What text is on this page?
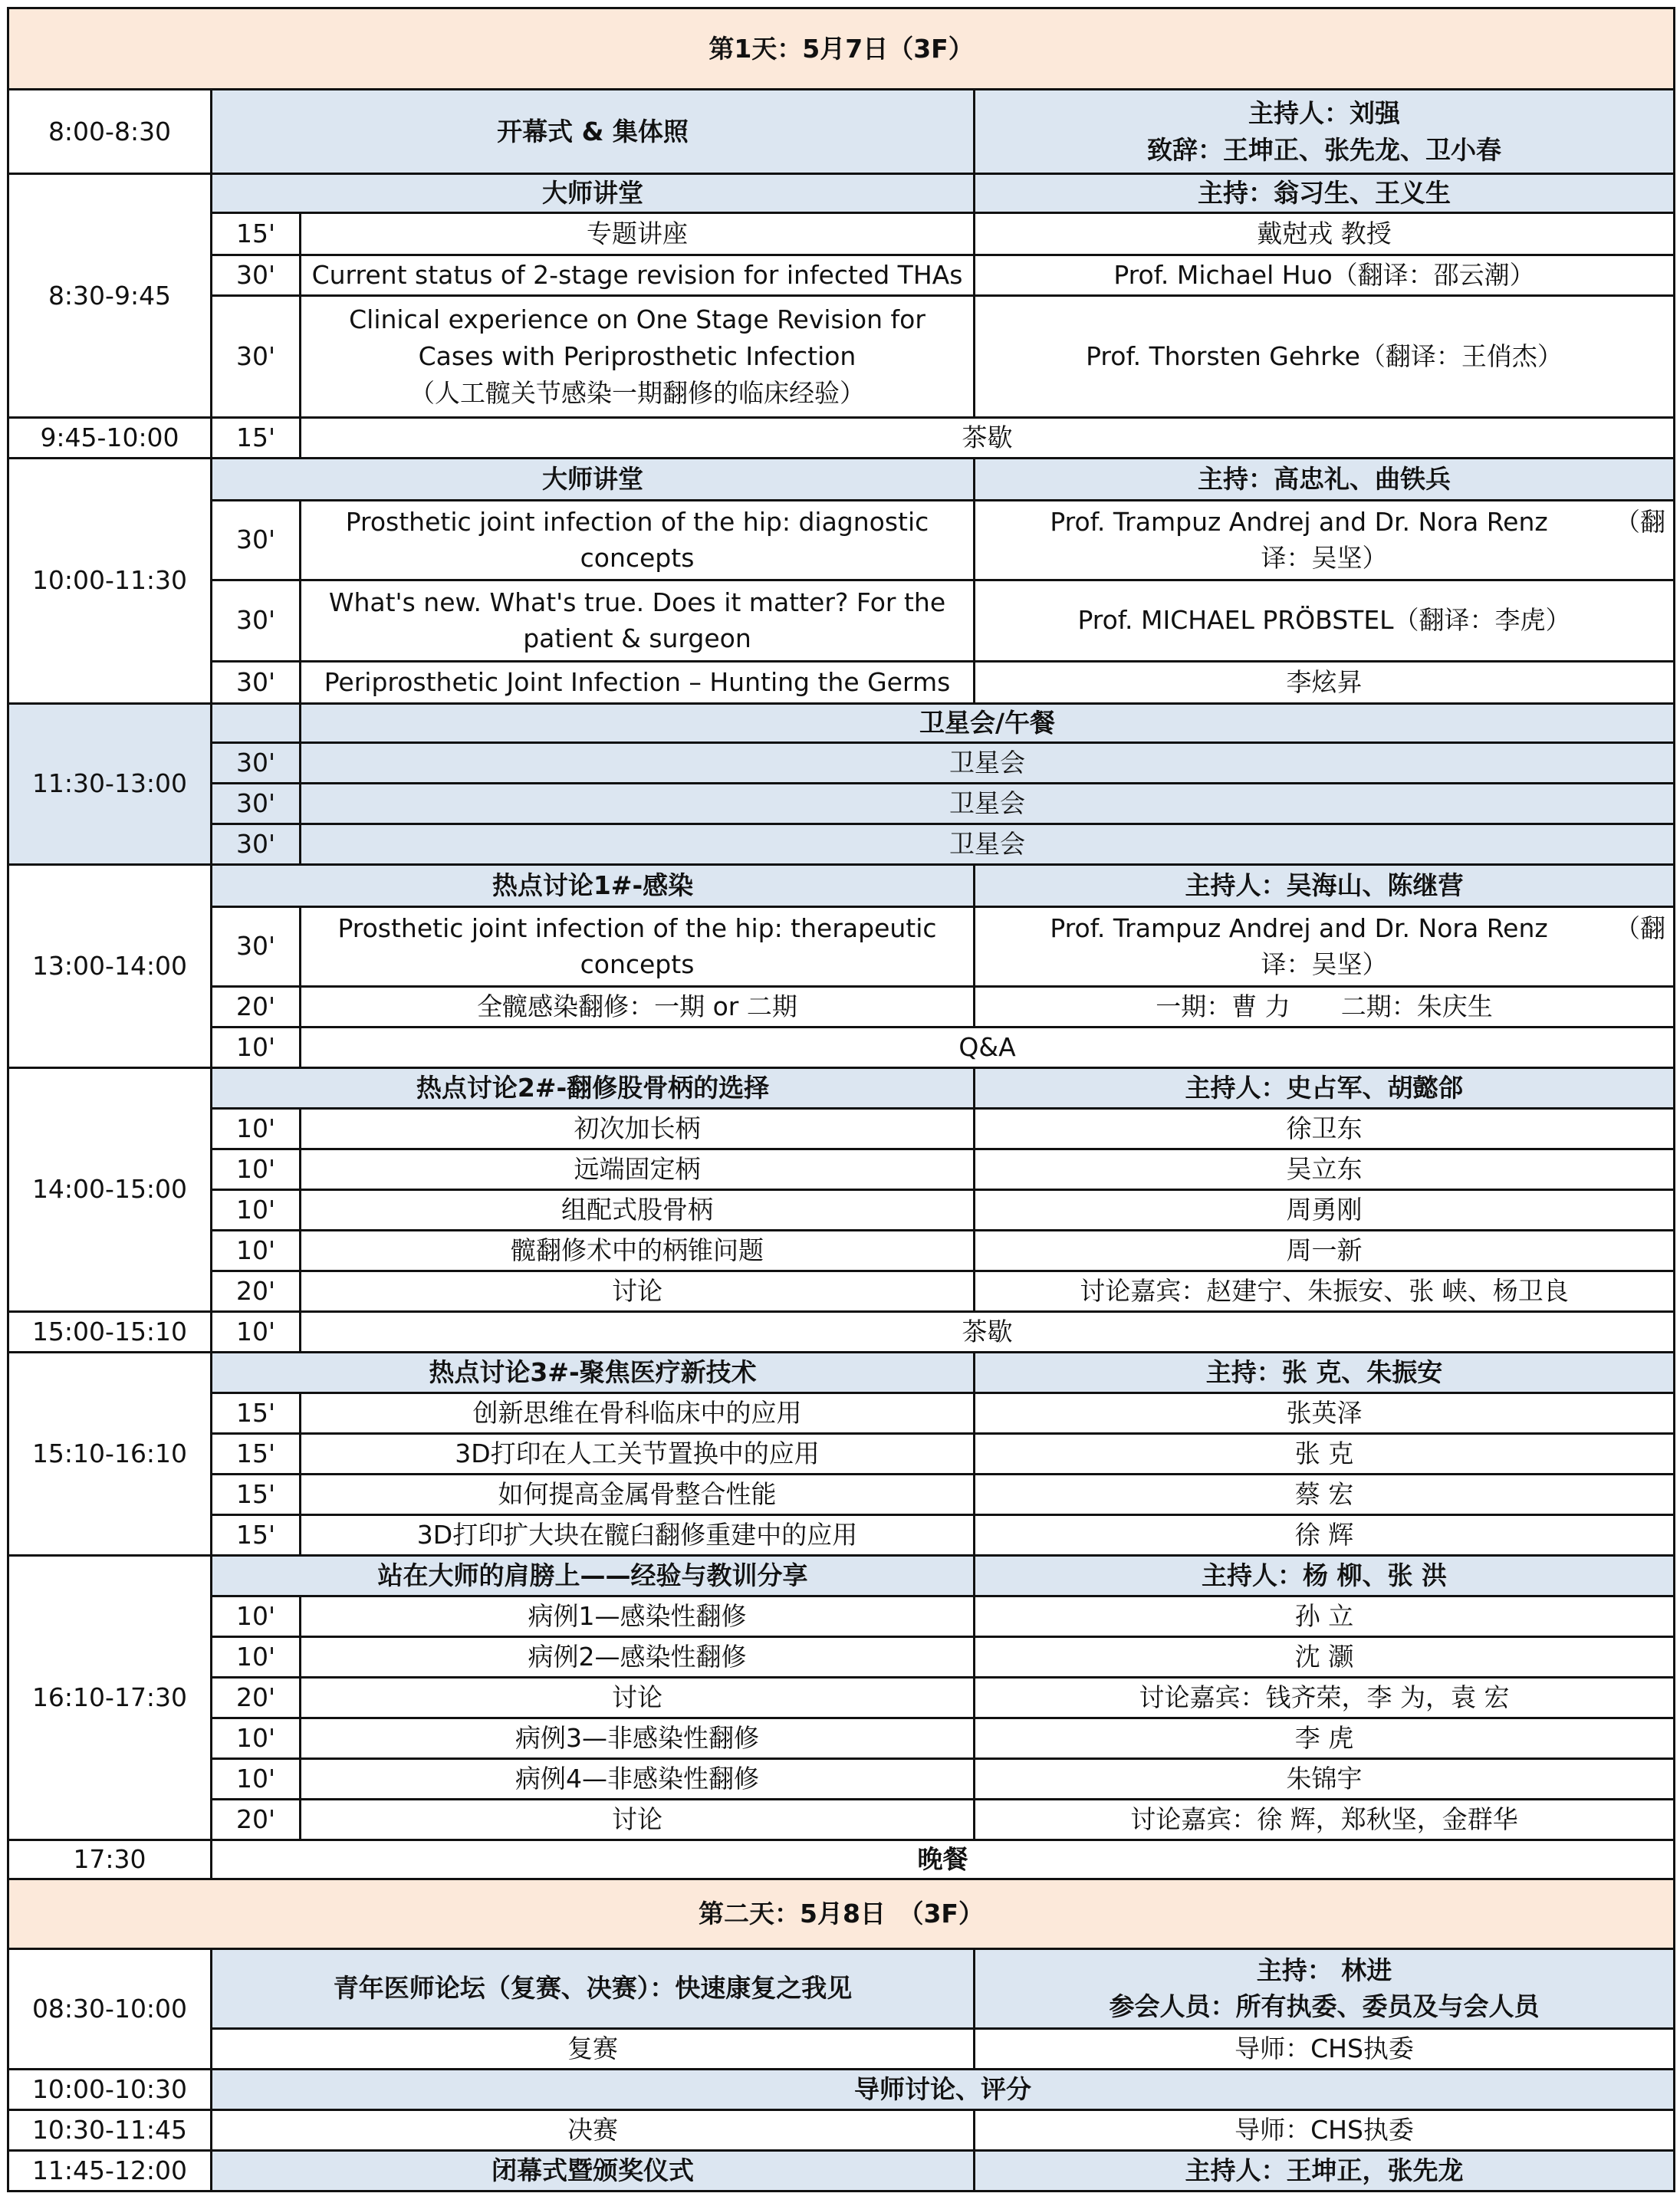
第1天：5月7日（3F）			
8:00-8:30	开幕式 & 集体照		主持人：刘强
致辞：王坤正、张先龙、卫小春

8:30-9:45	大师讲堂		主持：翁习生、王义生
	15'	专题讲座	戴尅戎 教授
	30'	Current status of 2-stage revision for infected THAs	Prof. Michael Huo（翻译：邵云潮）
	30'	Clinical experience on One Stage Revision for Cases with Periprosthetic Infection
（人工髋关节感染一期翻修的临床经验）	Prof. Thorsten Gehrke（翻译：王俏杰）
9:45-10:00	15'	茶歇	
10:00-11:30	大师讲堂		主持：高忠礼、曲铁兵
	30'	Prosthetic joint infection of the hip: diagnostic concepts	Prof. Trampuz Andrej and Dr. Nora Renz （翻
译：吴坚）

	30'	What's new. What's true. Does it matter? For the patient & surgeon	Prof. MICHAEL PRÖBSTEL（翻译：李虎）
	30'	Periprosthetic Joint Infection – Hunting the Germs	李炫昇
11:30-13:00		卫星会/午餐	
	30'	卫星会	
	30'	卫星会	
	30'	卫星会	
13:00-14:00	热点讨论1#-感染		主持人：吴海山、陈继营
	30'	Prosthetic joint infection of the hip: therapeutic concepts	Prof. Trampuz Andrej and Dr. Nora Renz （翻
译：吴坚）

	20'	全髋感染翻修：一期 or 二期	一期：曹 力　　二期：朱庆生
	10'	Q&A	
14:00-15:00	热点讨论2#-翻修股骨柄的选择		主持人：史占军、胡懿郃
	10'	初次加长柄	徐卫东
	10'	远端固定柄	吴立东
	10'	组配式股骨柄	周勇刚
	10'	髋翻修术中的柄锥问题	周一新
	20'	讨论	讨论嘉宾：赵建宁、朱振安、张 峡、杨卫良
15:00-15:10	10'	茶歇	
15:10-16:10	热点讨论3#-聚焦医疗新技术		主持：张 克、朱振安
	15'	创新思维在骨科临床中的应用	张英泽
	15'	3D打印在人工关节置换中的应用	张 克
	15'	如何提高金属骨整合性能	蔡 宏
	15'	3D打印扩大块在髋臼翻修重建中的应用	徐 辉
16:10-17:30	站在大师的肩膀上——经验与教训分享		主持人：杨 柳、张 洪
	10'	病例1—感染性翻修	孙 立
	10'	病例2—感染性翻修	沈 灏
	20'	讨论	讨论嘉宾：钱齐荣，李 为，袁 宏
	10'	病例3—非感染性翻修	李 虎
	10'	病例4—非感染性翻修	朱锦宇
	20'	讨论	讨论嘉宾：徐 辉，郑秋坚，金群华
17:30	晚餐		
第二天：5月8日　（3F）			
08:30-10:00	青年医师论坛（复赛、决赛）：快速康复之我见		主持： 林进
参会人员：所有执委、委员及与会人员

	复赛		导师：CHS执委
10:00-10:30	导师讨论、评分		
10:30-11:45	决赛		导师：CHS执委
11:45-12:00	闭幕式暨颁奖仪式		主持人：王坤正，张先龙
